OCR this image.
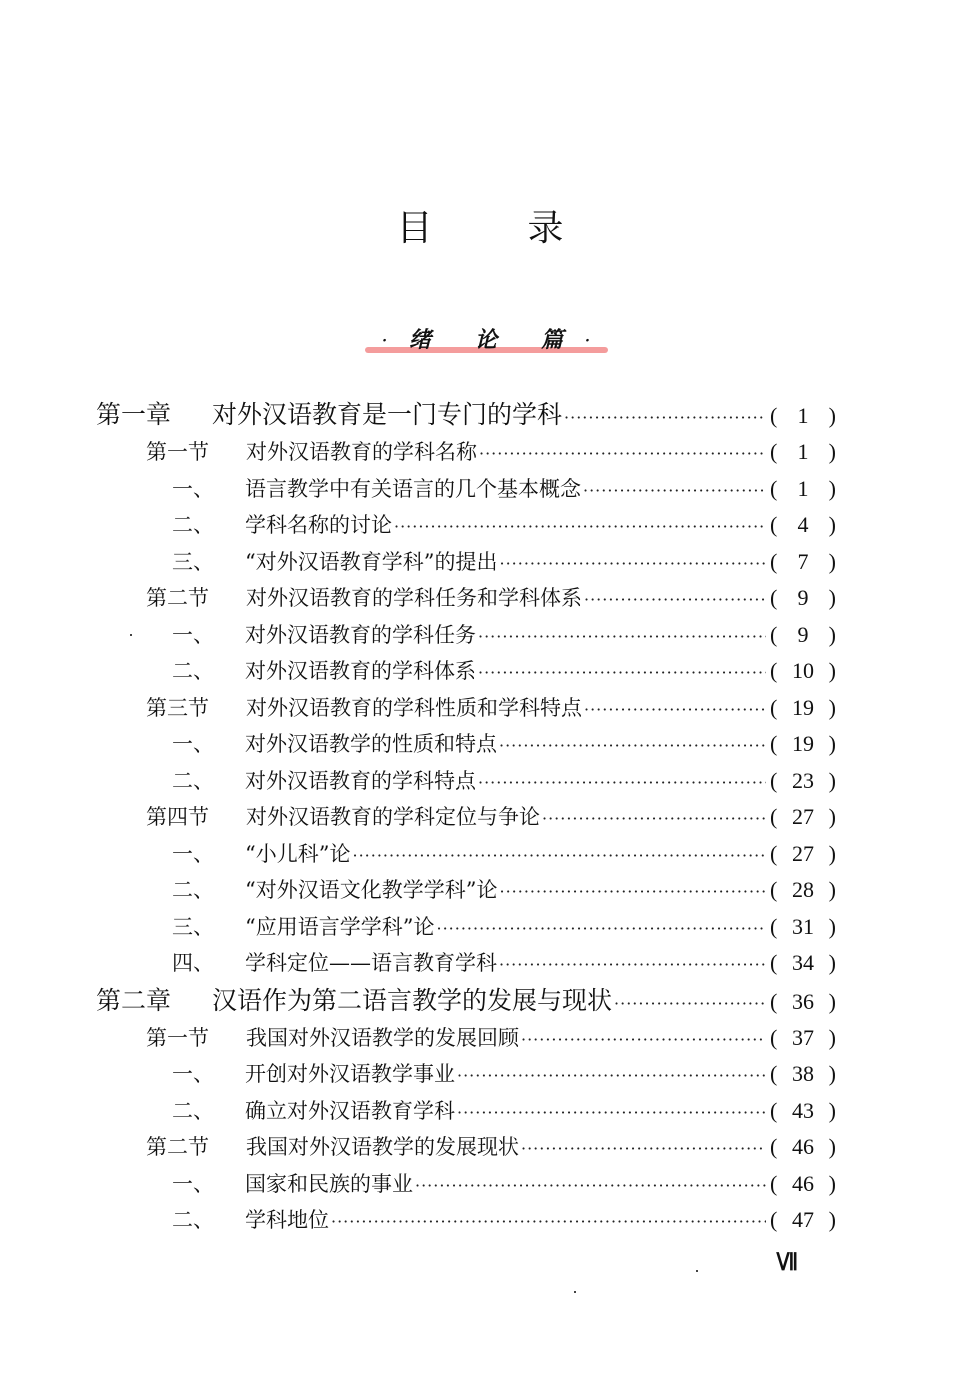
目	录
· 绪 论 篇 ·
第一章	对外汉语教育是一门专门的学科 ·····	( 1 )
第一节	对外汉语教育的学科名称 ·····	( 1 )
一、	语言教学中有关语言的几个基本概念 ·····	( 1 )
二、	学科名称的讨论 ·····	( 4 )
三、	“对外汉语教育学科”的提出 ·····	( 7 )
第二节	对外汉语教育的学科任务和学科体系 ·····	( 9 )
一、	对外汉语教育的学科任务 ·····	( 9 )
二、	对外汉语教育的学科体系 ·····	( 10 )
第三节	对外汉语教育的学科性质和学科特点 ·····	( 19 )
一、	对外汉语教学的性质和特点 ·····	( 19 )
二、	对外汉语教育的学科特点 ·····	( 23 )
第四节	对外汉语教育的学科定位与争论 ·····	( 27 )
一、	“小儿科”论 ·····	( 27 )
二、	“对外汉语文化教学学科”论 ·····	( 28 )
三、	“应用语言学学科”论 ·····	( 31 )
四、	学科定位——语言教育学科 ·····	( 34 )
第二章	汉语作为第二语言教学的发展与现状 ·····	( 36 )
第一节	我国对外汉语教学的发展回顾 ·····	( 37 )
一、	开创对外汉语教学事业 ·····	( 38 )
二、	确立对外汉语教育学科 ·····	( 43 )
第二节	我国对外汉语教学的发展现状 ·····	( 46 )
一、	国家和民族的事业 ·····	( 46 )
二、	学科地位 ·····	( 47 )
Ⅶ
